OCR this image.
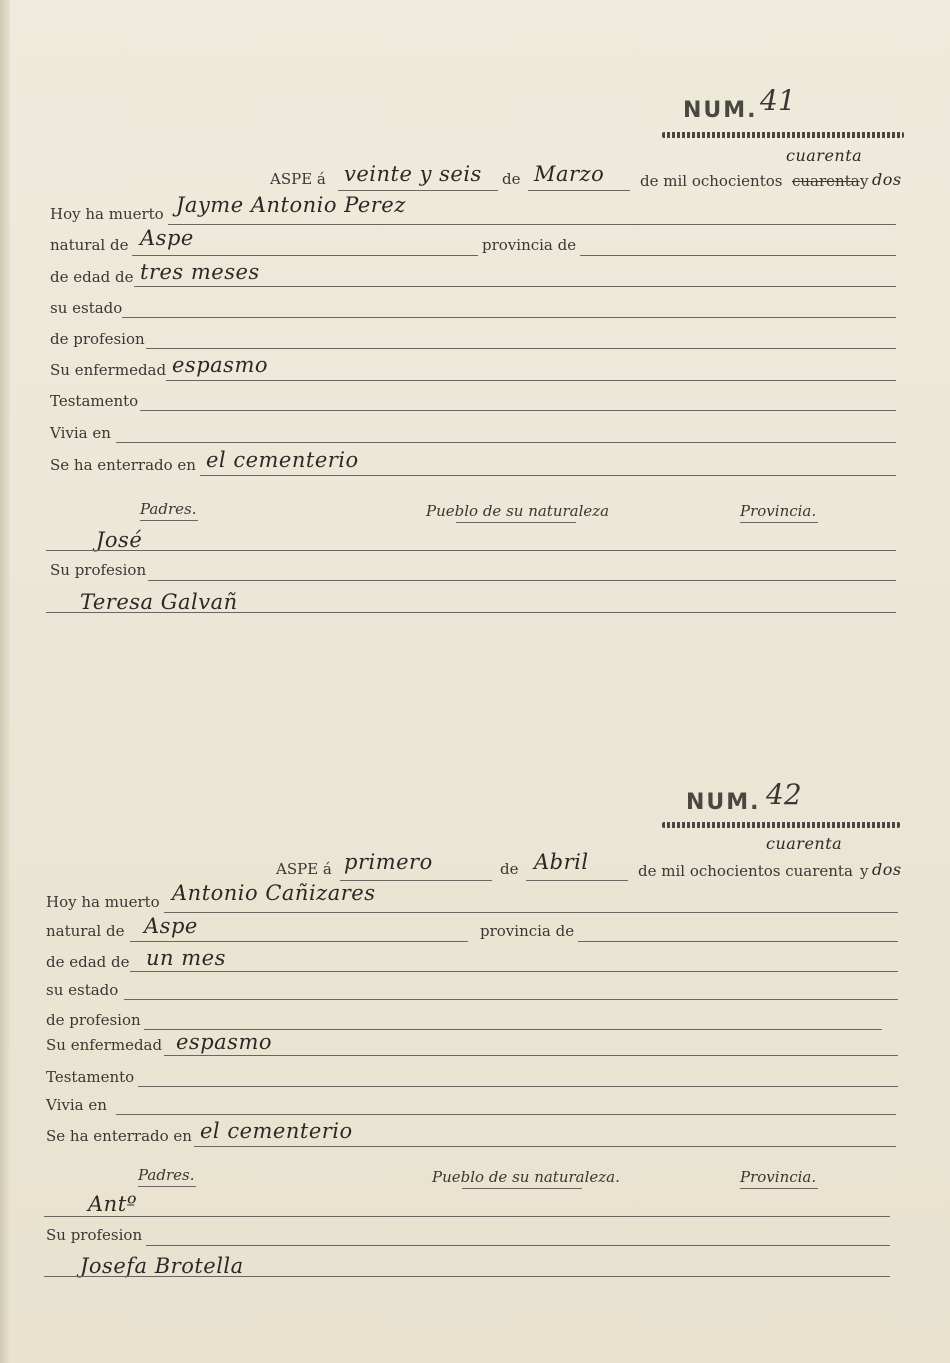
NUM. 41
cuarenta
ASPE á veinte y seis de Marzo de mil ochocientos cuarenta y dos
Hoy ha muerto Jayme Antonio Perez
natural de Aspe	provincia de
de edad de tres meses
su estado
de profesion
Su enfermedad espasmo
Testamento
Vivia en
Se ha enterrado en el cementerio
Padres.	Pueblo de su naturaleza	Provincia.
José
Su profesion
Teresa Galvañ
NUM. 42
cuarenta
ASPE á primero	de Abril	de mil ochocientos cuarenta y dos
Hoy ha muerto Antonio Cañizares
natural de Aspe	provincia de
de edad de un mes
su estado
de profesion
Su enfermedad espasmo
Testamento
Vivia en
Se ha enterrado en el cementerio
Padres.	Pueblo de su naturaleza.	Provincia.
Antº
Su profesion
Josefa Brotella
